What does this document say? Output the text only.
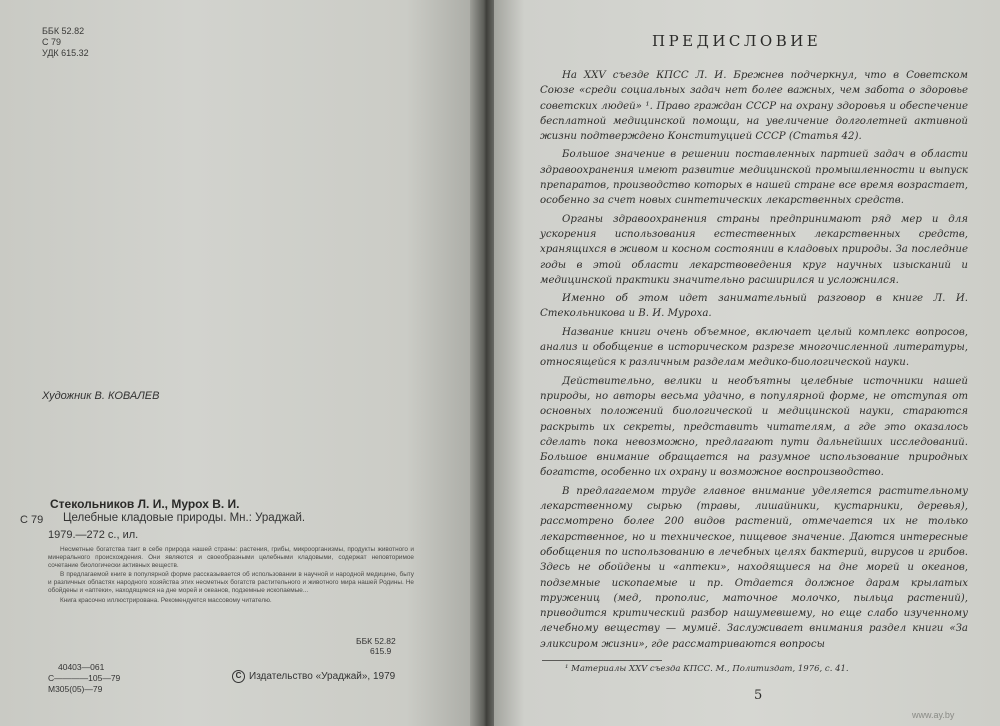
ББК 52.82
С 79
УДК 615.32
Художник В. КОВАЛЕВ
Стекольников Л. И., Мурох В. И.
С 79 Целебные кладовые природы. Мн.: Ураджай.
1979.—272 с., ил.

Несметные богатства таит в себе природа нашей страны: растения, грибы, микроорганизмы, продукты животного и минерального происхождения. Они являются и своеобразными целебными кладовыми, содержат неповторимое сочетание биологически активных веществ.

В предлагаемой книге в популярной форме рассказывается об использовании в научной и народной медицине, быту и различных областях народного хозяйства этих несметных богатств растительного и животного мира нашей Родины. Не обойдены и «аптеки», находящиеся на дне морей и океанов, подземные ископаемые...

Книга красочно иллюстрирована. Рекомендуется массовому читателю.

ББК 52.82
615.9
40403—061
С————105—79
М305(05)—79
С Издательство «Ураджай», 1979
ПРЕДИСЛОВИЕ

На XXV съезде КПСС Л. И. Брежнев подчеркнул, что в Советском Союзе «среди социальных задач нет более важных, чем забота о здоровье советских людей» ¹. Право граждан СССР на охрану здоровья и обеспечение бесплатной медицинской помощи, на увеличение долголетней активной жизни подтверждено Конституцией СССР (Статья 42).

Большое значение в решении поставленных партией задач в области здравоохранения имеют развитие медицинской промышленности и выпуск препаратов, производство которых в нашей стране все время возрастает, особенно за счет новых синтетических лекарственных средств.

Органы здравоохранения страны предпринимают ряд мер и для ускорения использования естественных лекарственных средств, хранящихся в живом и косном состоянии в кладовых природы. За последние годы в этой области лекарствоведения круг научных изысканий и медицинской практики значительно расширился и усложнился.

Именно об этом идет занимательный разговор в книге Л. И. Стекольникова и В. И. Муроха.

Название книги очень объемное, включает целый комплекс вопросов, анализ и обобщение в историческом разрезе многочисленной литературы, относящейся к различным разделам медико-биологической науки.

Действительно, велики и необъятны целебные источники нашей природы, но авторы весьма удачно, в популярной форме, не отступая от основных положений биологической и медицинской науки, стараются раскрыть их секреты, представить читателям, а где это оказалось сделать пока невозможно, предлагают пути дальнейших исследований. Большое внимание обращается на разумное использование природных богатств, особенно их охрану и возможное воспроизводство.

В предлагаемом труде главное внимание уделяется растительному лекарственному сырью (травы, лишайники, кустарники, деревья), рассмотрено более 200 видов растений, отмечается их не только лекарственное, но и техническое, пищевое значение. Даются интересные обобщения по использованию в лечебных целях бактерий, вирусов и грибов. Здесь не обойдены и «аптеки», находящиеся на дне морей и океанов, подземные ископаемые и пр. Отдается должное дарам крылатых тружениц (мед, прополис, маточное молочко, пыльца растений), приводится критический разбор нашумевшему, но еще слабо изученному лечебному веществу — мумиё. Заслуживает внимания раздел книги «За эликсиром жизни», где рассматриваются вопросы

¹ Материалы XXV съезда КПСС. М., Политиздат, 1976, с. 41.
5
www.ay.by
